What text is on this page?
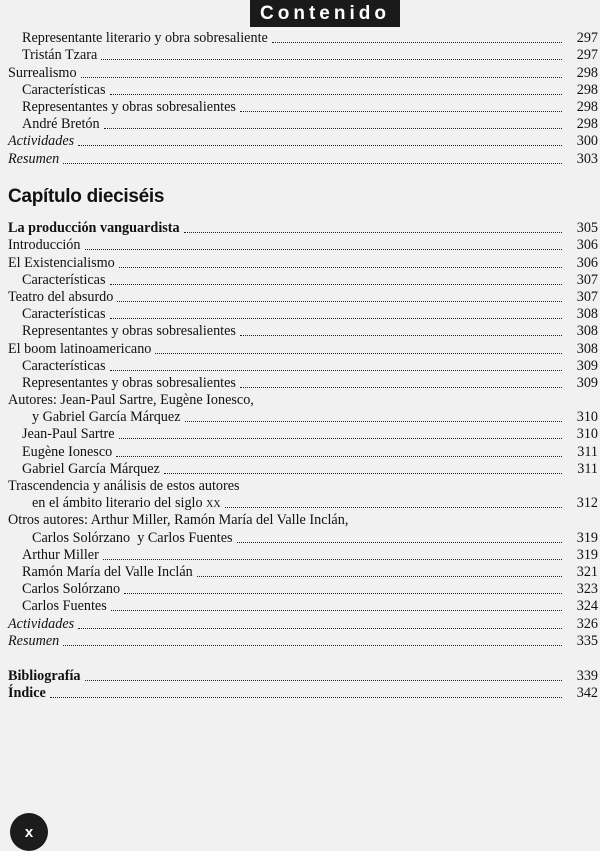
Contenido
Representante literario y obra sobresaliente	297
Tristán Tzara	297
Surrealismo	298
Características	298
Representantes y obras sobresalientes	298
André Bretón	298
Actividades	300
Resumen	303
Capítulo dieciséis
La producción vanguardista	305
Introducción	306
El Existencialismo	306
Características	307
Teatro del absurdo	307
Características	308
Representantes y obras sobresalientes	308
El boom latinoamericano	308
Características	309
Representantes y obras sobresalientes	309
Autores: Jean-Paul Sartre, Eugène Ionesco,
y Gabriel García Márquez	310
Jean-Paul Sartre	310
Eugène Ionesco	311
Gabriel García Márquez	311
Trascendencia y análisis de estos autores
en el ámbito literario del siglo xx	312
Otros autores: Arthur Miller, Ramón María del Valle Inclán,
Carlos Solórzano  y Carlos Fuentes	319
Arthur Miller	319
Ramón María del Valle Inclán	321
Carlos Solórzano	323
Carlos Fuentes	324
Actividades	326
Resumen	335
Bibliografía	339
Índice	342
x
